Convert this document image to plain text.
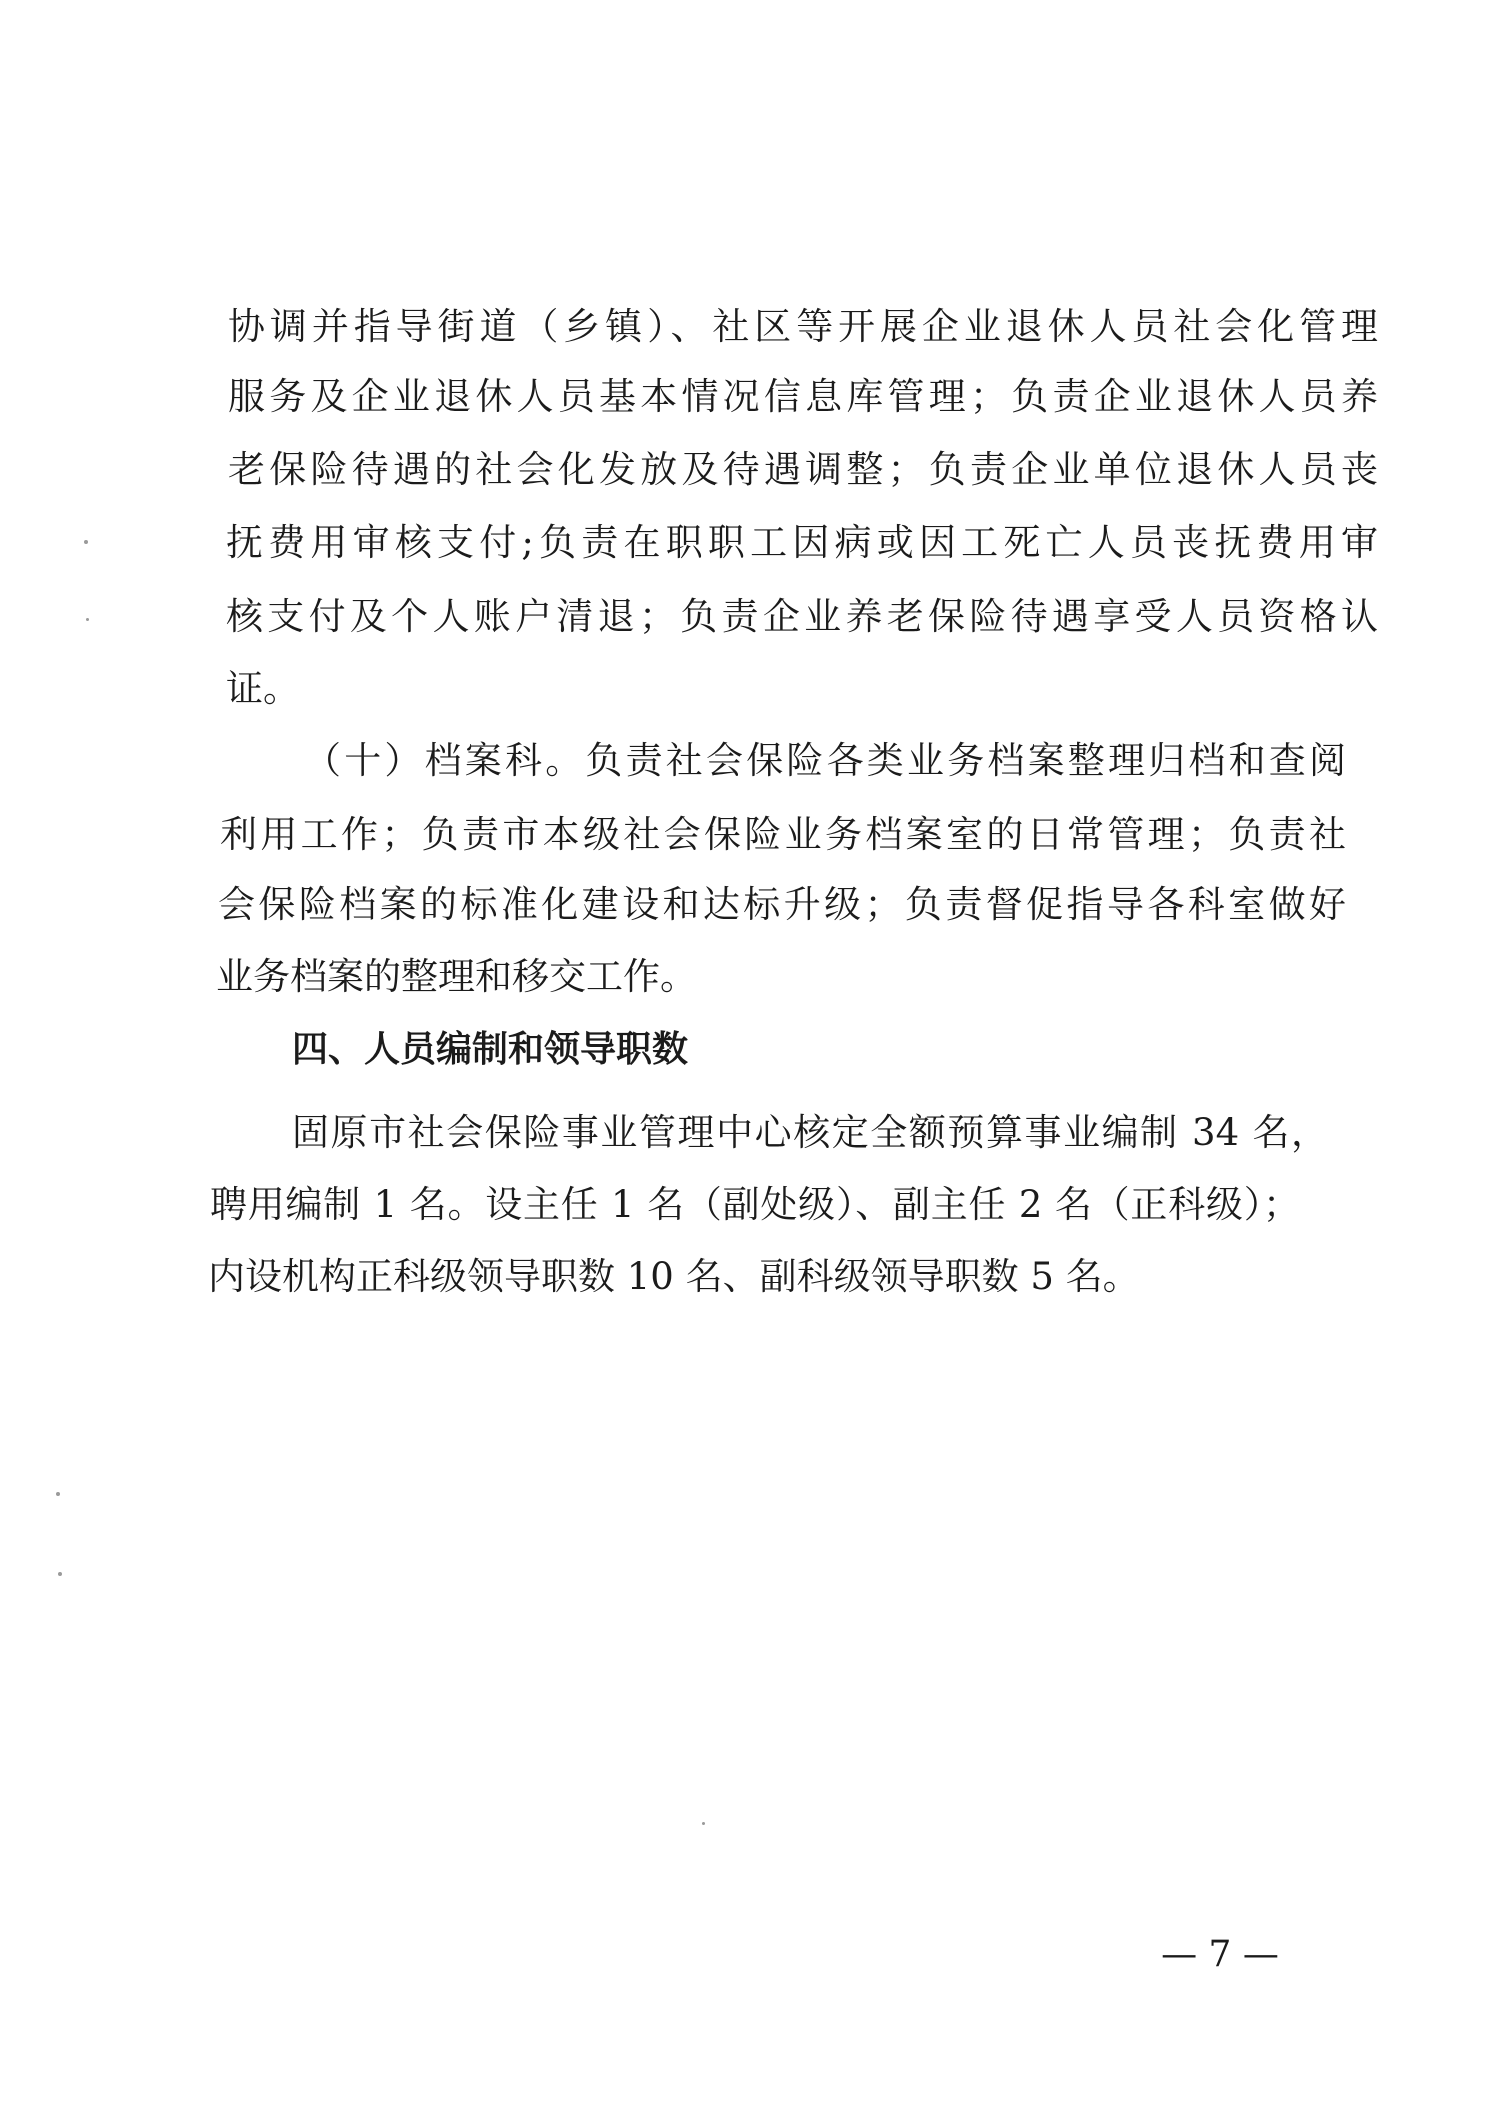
协调并指导街道（乡镇）、社区等开展企业退休人员社会化管理
服务及企业退休人员基本情况信息库管理；负责企业退休人员养
老保险待遇的社会化发放及待遇调整；负责企业单位退休人员丧
抚费用审核支付;负责在职职工因病或因工死亡人员丧抚费用审
核支付及个人账户清退；负责企业养老保险待遇享受人员资格认
证。
（十）档案科。负责社会保险各类业务档案整理归档和查阅
利用工作；负责市本级社会保险业务档案室的日常管理；负责社
会保险档案的标准化建设和达标升级；负责督促指导各科室做好
业务档案的整理和移交工作。
四、人员编制和领导职数
固原市社会保险事业管理中心核定全额预算事业编制 34 名，
聘用编制 1 名。设主任 1 名（副处级）、副主任 2 名（正科级）；
内设机构正科级领导职数 10 名、副科级领导职数 5 名。
— 7 —
